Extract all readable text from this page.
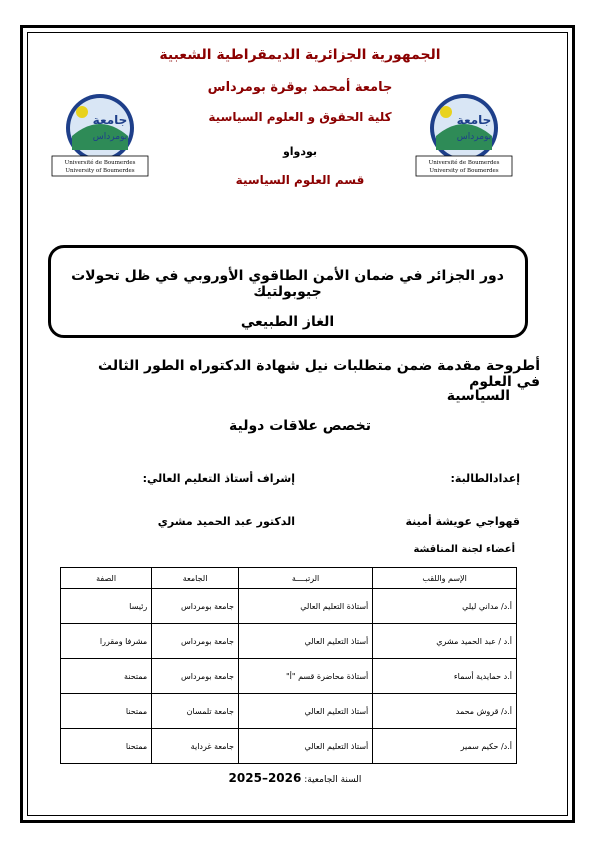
الجمهورية الجزائرية الديمقراطية الشعبية
جامعة أمحمد بوقرة بومرداس
كلية الحقوق و العلوم السياسية
بودواو
قسم العلوم السياسية
جامعة
بومرداس
Université de Boumerdes
University of Boumerdes
جامعة
بومرداس
Université de Boumerdes
University of Boumerdes
دور الجزائر في ضمان الأمن الطاقوي الأوروبي في ظل تحولات جيوبولتيك
الغاز الطبيعي
أطروحة مقدمة ضمن متطلبات نيل شهادة الدكتوراه الطور الثالث في العلوم
السياسية
تخصص علاقات دولية
إعدادالطالبة:
إشراف أستاذ التعليم العالي:
قهواجي عويشة أمينة
الدكتور عبد الحميد مشري
أعضاء لجنة المناقشة
الإسم واللقب	الرتبــــة	الجامعة	الصفة
أ.د/ مداني ليلي	أستاذة التعليم العالي	جامعة بومرداس	رئيسا
أ.د / عبد الحميد مشري	أستاذ التعليم العالي	جامعة بومرداس	مشرفا ومقررا
أ.د حمايدية أسماء	أستاذة محاضرة قسم "أ"	جامعة بومرداس	ممتحنة
أ.د/ قروش محمد	أستاذ التعليم العالي	جامعة تلمسان	ممتحنا
أ.د/ حكيم سمير	أستاذ التعليم العالي	جامعة غرداية	ممتحنا
السنة الجامعية: 2025–2026
